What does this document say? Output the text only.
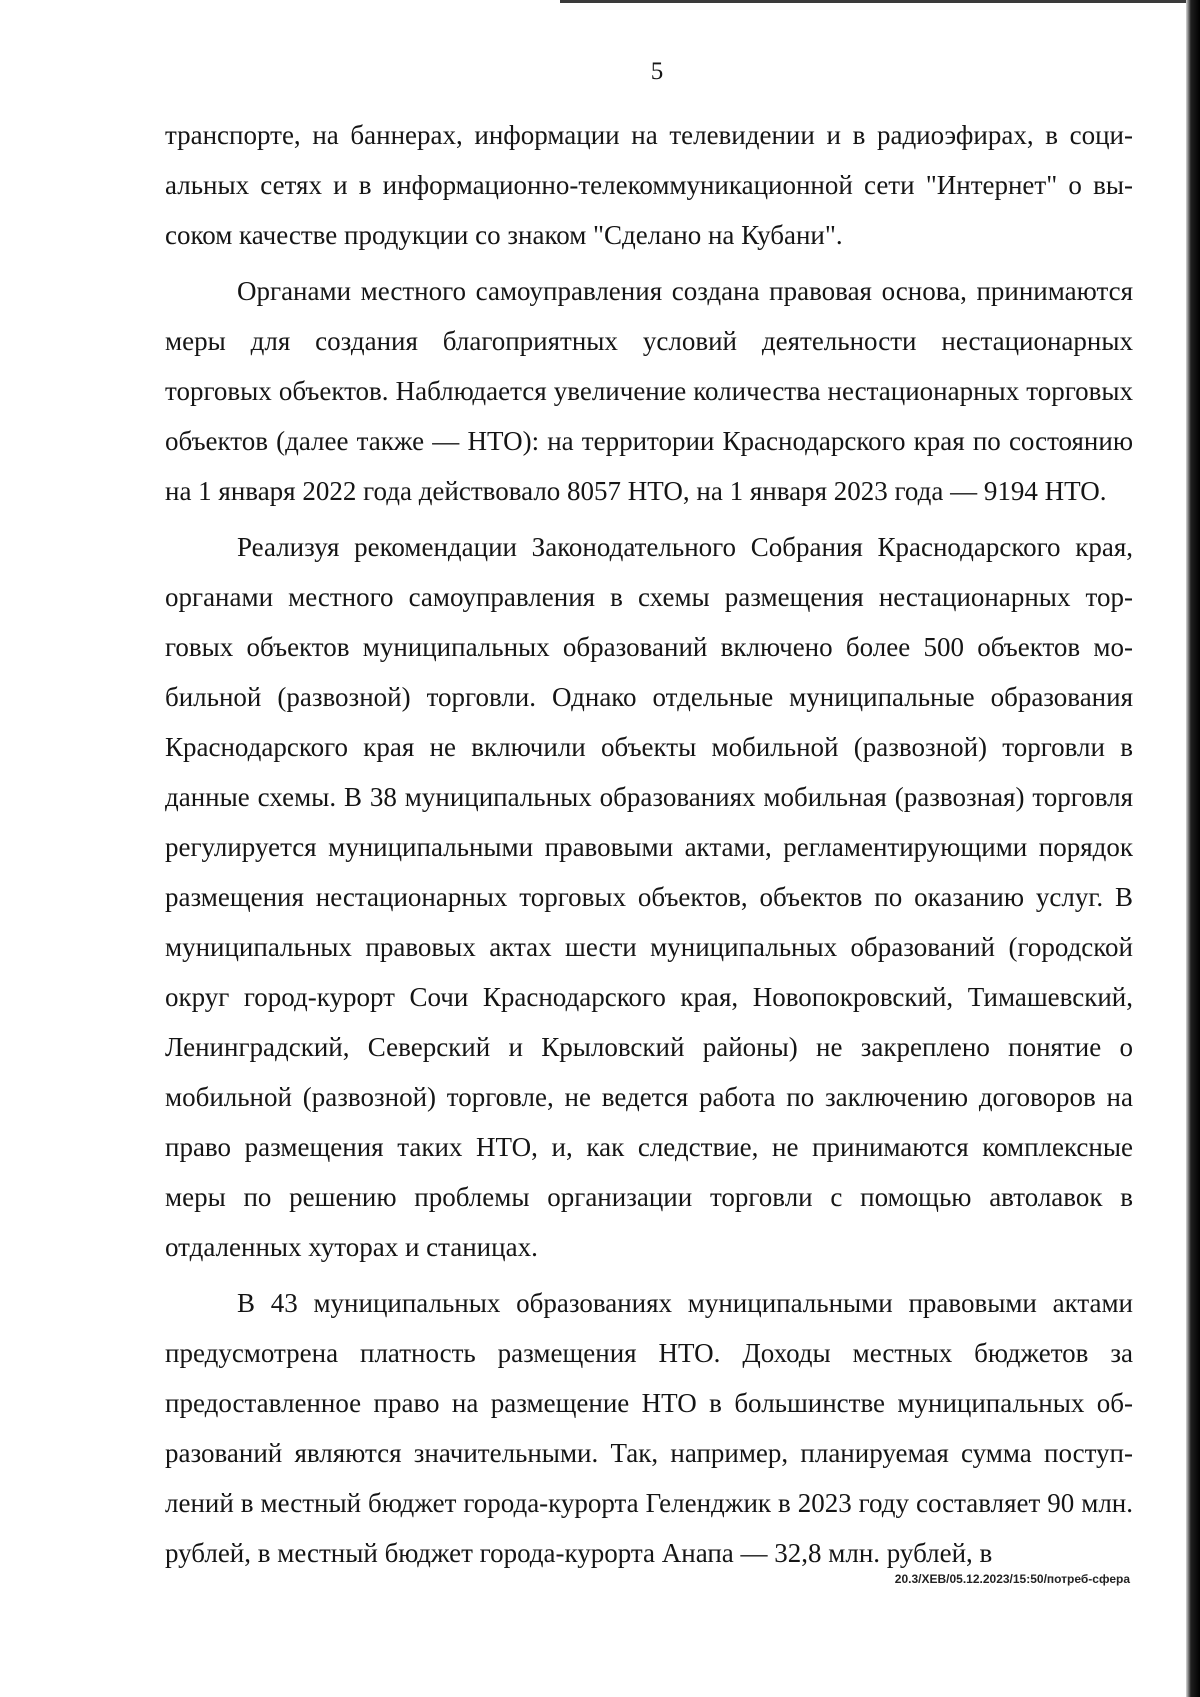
5

транспорте, на баннерах, информации на телевидении и в радиоэфирах, в социальных сетях и в информационно-телекоммуникационной сети "Интернет" о высоком качестве продукции со знаком "Сделано на Кубани".

Органами местного самоуправления создана правовая основа, принимаются меры для создания благоприятных условий деятельности нестационарных торговых объектов. Наблюдается увеличение количества нестационарных торговых объектов (далее также — НТО): на территории Краснодарского края по состоянию на 1 января 2022 года действовало 8057 НТО, на 1 января 2023 года — 9194 НТО.

Реализуя рекомендации Законодательного Собрания Краснодарского края, органами местного самоуправления в схемы размещения нестационарных торговых объектов муниципальных образований включено более 500 объектов мобильной (развозной) торговли. Однако отдельные муниципальные образования Краснодарского края не включили объекты мобильной (развозной) торговли в данные схемы. В 38 муниципальных образованиях мобильная (развозная) торговля регулируется муниципальными правовыми актами, регламентирующими порядок размещения нестационарных торговых объектов, объектов по оказанию услуг. В муниципальных правовых актах шести муниципальных образований (городской округ город-курорт Сочи Краснодарского края, Новопокровский, Тимашевский, Ленинградский, Северский и Крыловский районы) не закреплено понятие о мобильной (развозной) торговле, не ведется работа по заключению договоров на право размещения таких НТО, и, как следствие, не принимаются комплексные меры по решению проблемы организации торговли с помощью автолавок в отдаленных хуторах и станицах.

В 43 муниципальных образованиях муниципальными правовыми актами предусмотрена платность размещения НТО. Доходы местных бюджетов за предоставленное право на размещение НТО в большинстве муниципальных образований являются значительными. Так, например, планируемая сумма поступлений в местный бюджет города-курорта Геленджик в 2023 году составляет 90 млн. рублей, в местный бюджет города-курорта Анапа — 32,8 млн. рублей, в

20.3/ХЕВ/05.12.2023/15:50/потреб-сфера
